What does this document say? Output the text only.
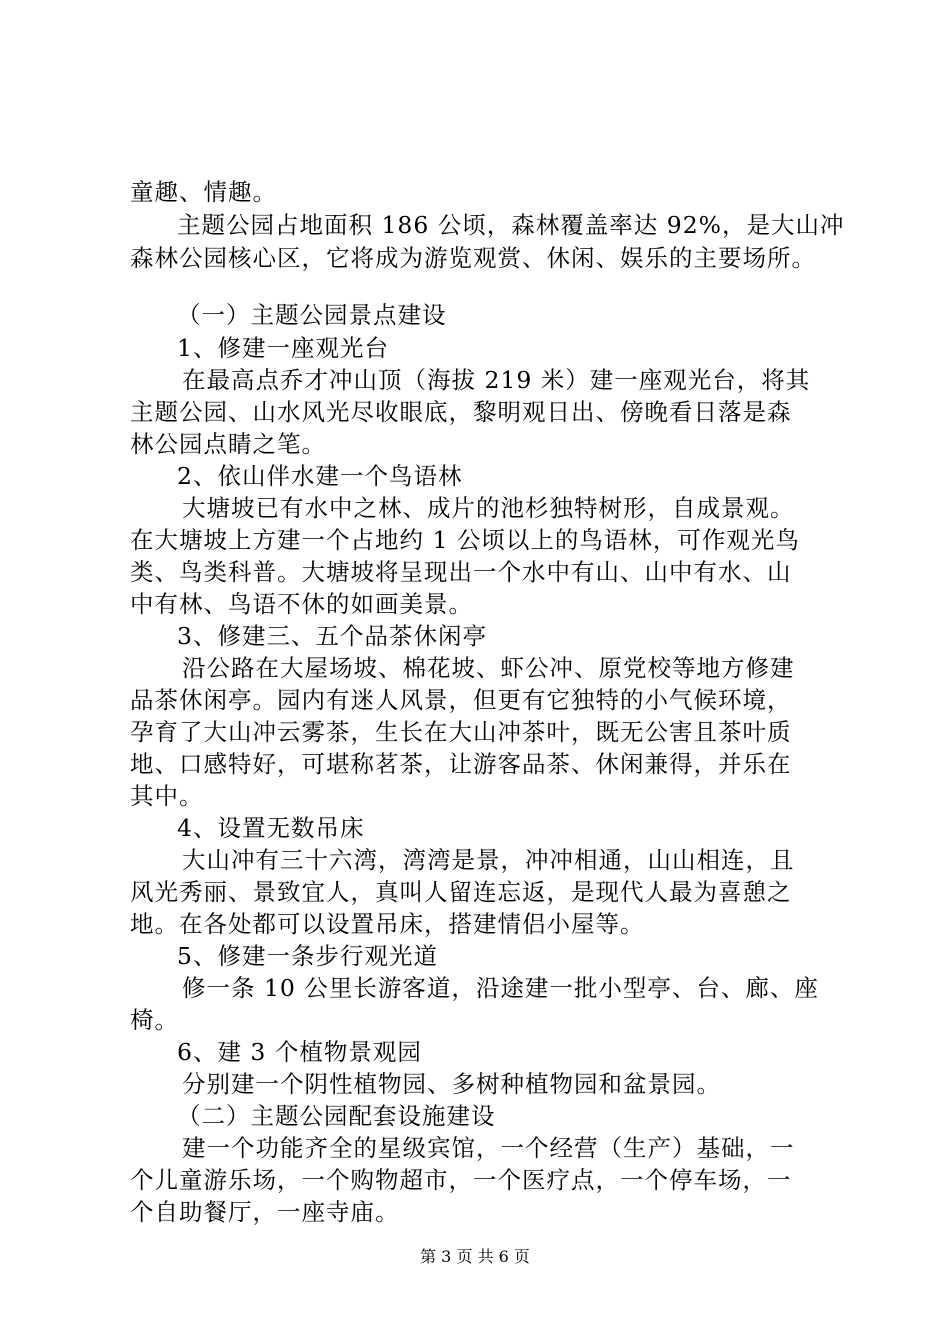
童趣、情趣。
主题公园占地面积 186 公顷，森林覆盖率达 92%，是大山冲
森林公园核心区，它将成为游览观赏、休闲、娱乐的主要场所。
（一）主题公园景点建设
1、修建一座观光台
在最高点乔才冲山顶（海拔 219 米）建一座观光台，将其
主题公园、山水风光尽收眼底，黎明观日出、傍晚看日落是森
林公园点睛之笔。
2、依山伴水建一个鸟语林
大塘坡已有水中之林、成片的池杉独特树形，自成景观。
在大塘坡上方建一个占地约 1 公顷以上的鸟语林，可作观光鸟
类、鸟类科普。大塘坡将呈现出一个水中有山、山中有水、山
中有林、鸟语不休的如画美景。
3、修建三、五个品茶休闲亭
沿公路在大屋场坡、棉花坡、虾公冲、原党校等地方修建
品茶休闲亭。园内有迷人风景，但更有它独特的小气候环境，
孕育了大山冲云雾茶，生长在大山冲茶叶，既无公害且茶叶质
地、口感特好，可堪称茗茶，让游客品茶、休闲兼得，并乐在
其中。
4、设置无数吊床
大山冲有三十六湾，湾湾是景，冲冲相通，山山相连，且
风光秀丽、景致宜人，真叫人留连忘返，是现代人最为喜憩之
地。在各处都可以设置吊床，搭建情侣小屋等。
5、修建一条步行观光道
修一条 10 公里长游客道，沿途建一批小型亭、台、廊、座
椅。
6、建 3 个植物景观园
分别建一个阴性植物园、多树种植物园和盆景园。
（二）主题公园配套设施建设
建一个功能齐全的星级宾馆，一个经营（生产）基础，一
个儿童游乐场，一个购物超市，一个医疗点，一个停车场，一
个自助餐厅，一座寺庙。
第 3 页 共 6 页
